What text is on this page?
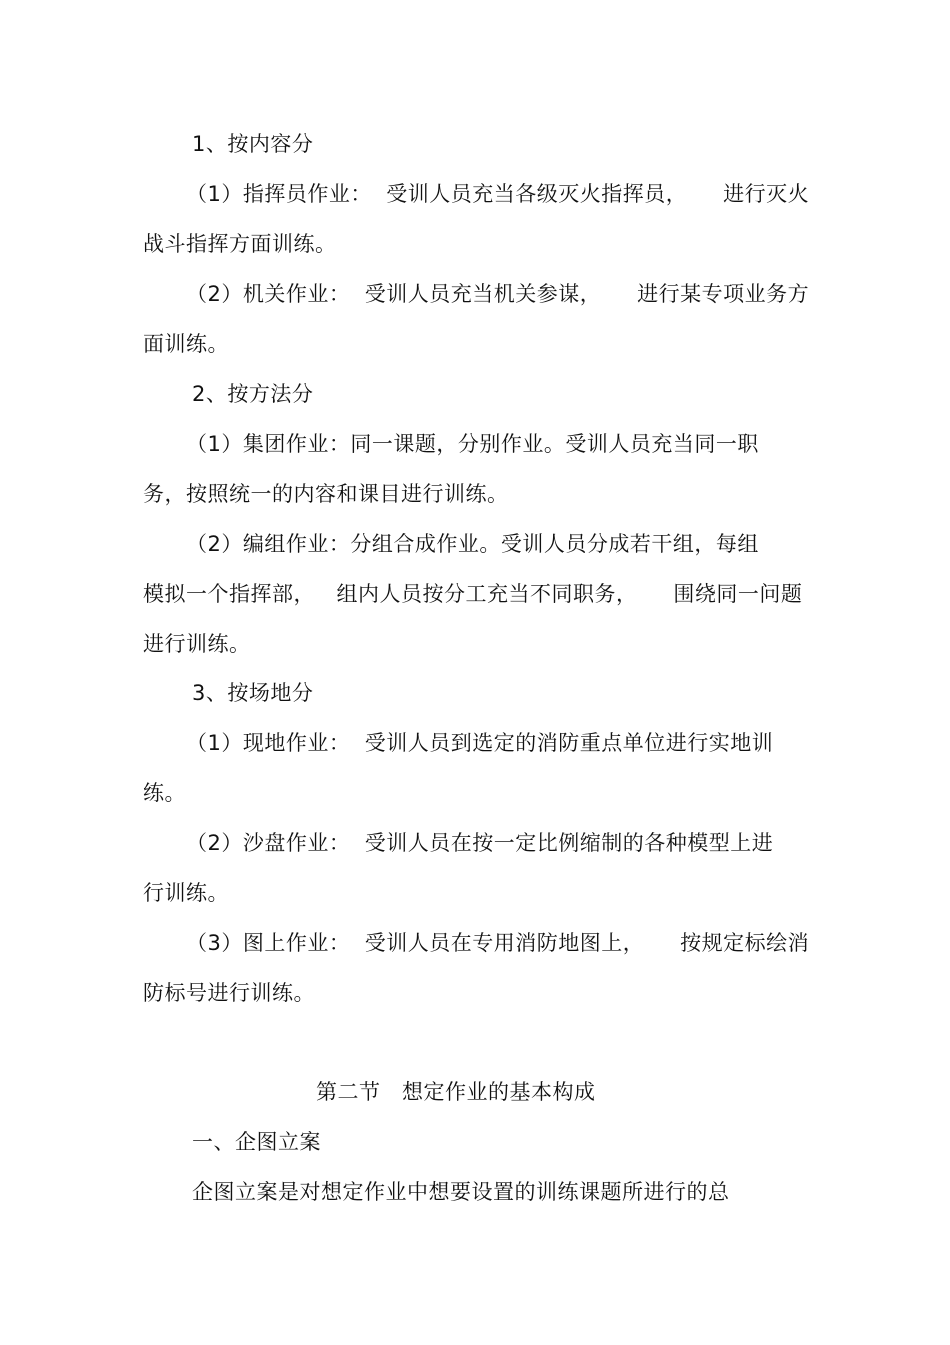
1、按内容分
（1）指挥员作业：  受训人员充当各级灭火指挥员，     进行灭火
战斗指挥方面训练。
（2）机关作业：  受训人员充当机关参谋，     进行某专项业务方
面训练。
2、按方法分
（1）集团作业：同一课题，分别作业。受训人员充当同一职
务，按照统一的内容和课目进行训练。
（2）编组作业：分组合成作业。受训人员分成若干组，每组
模拟一个指挥部，   组内人员按分工充当不同职务，     围绕同一问题
进行训练。
3、按场地分
（1）现地作业：  受训人员到选定的消防重点单位进行实地训
练。
（2）沙盘作业：  受训人员在按一定比例缩制的各种模型上进
行训练。
（3）图上作业：  受训人员在专用消防地图上，     按规定标绘消
防标号进行训练。
第二节   想定作业的基本构成
一、企图立案
企图立案是对想定作业中想要设置的训练课题所进行的总
